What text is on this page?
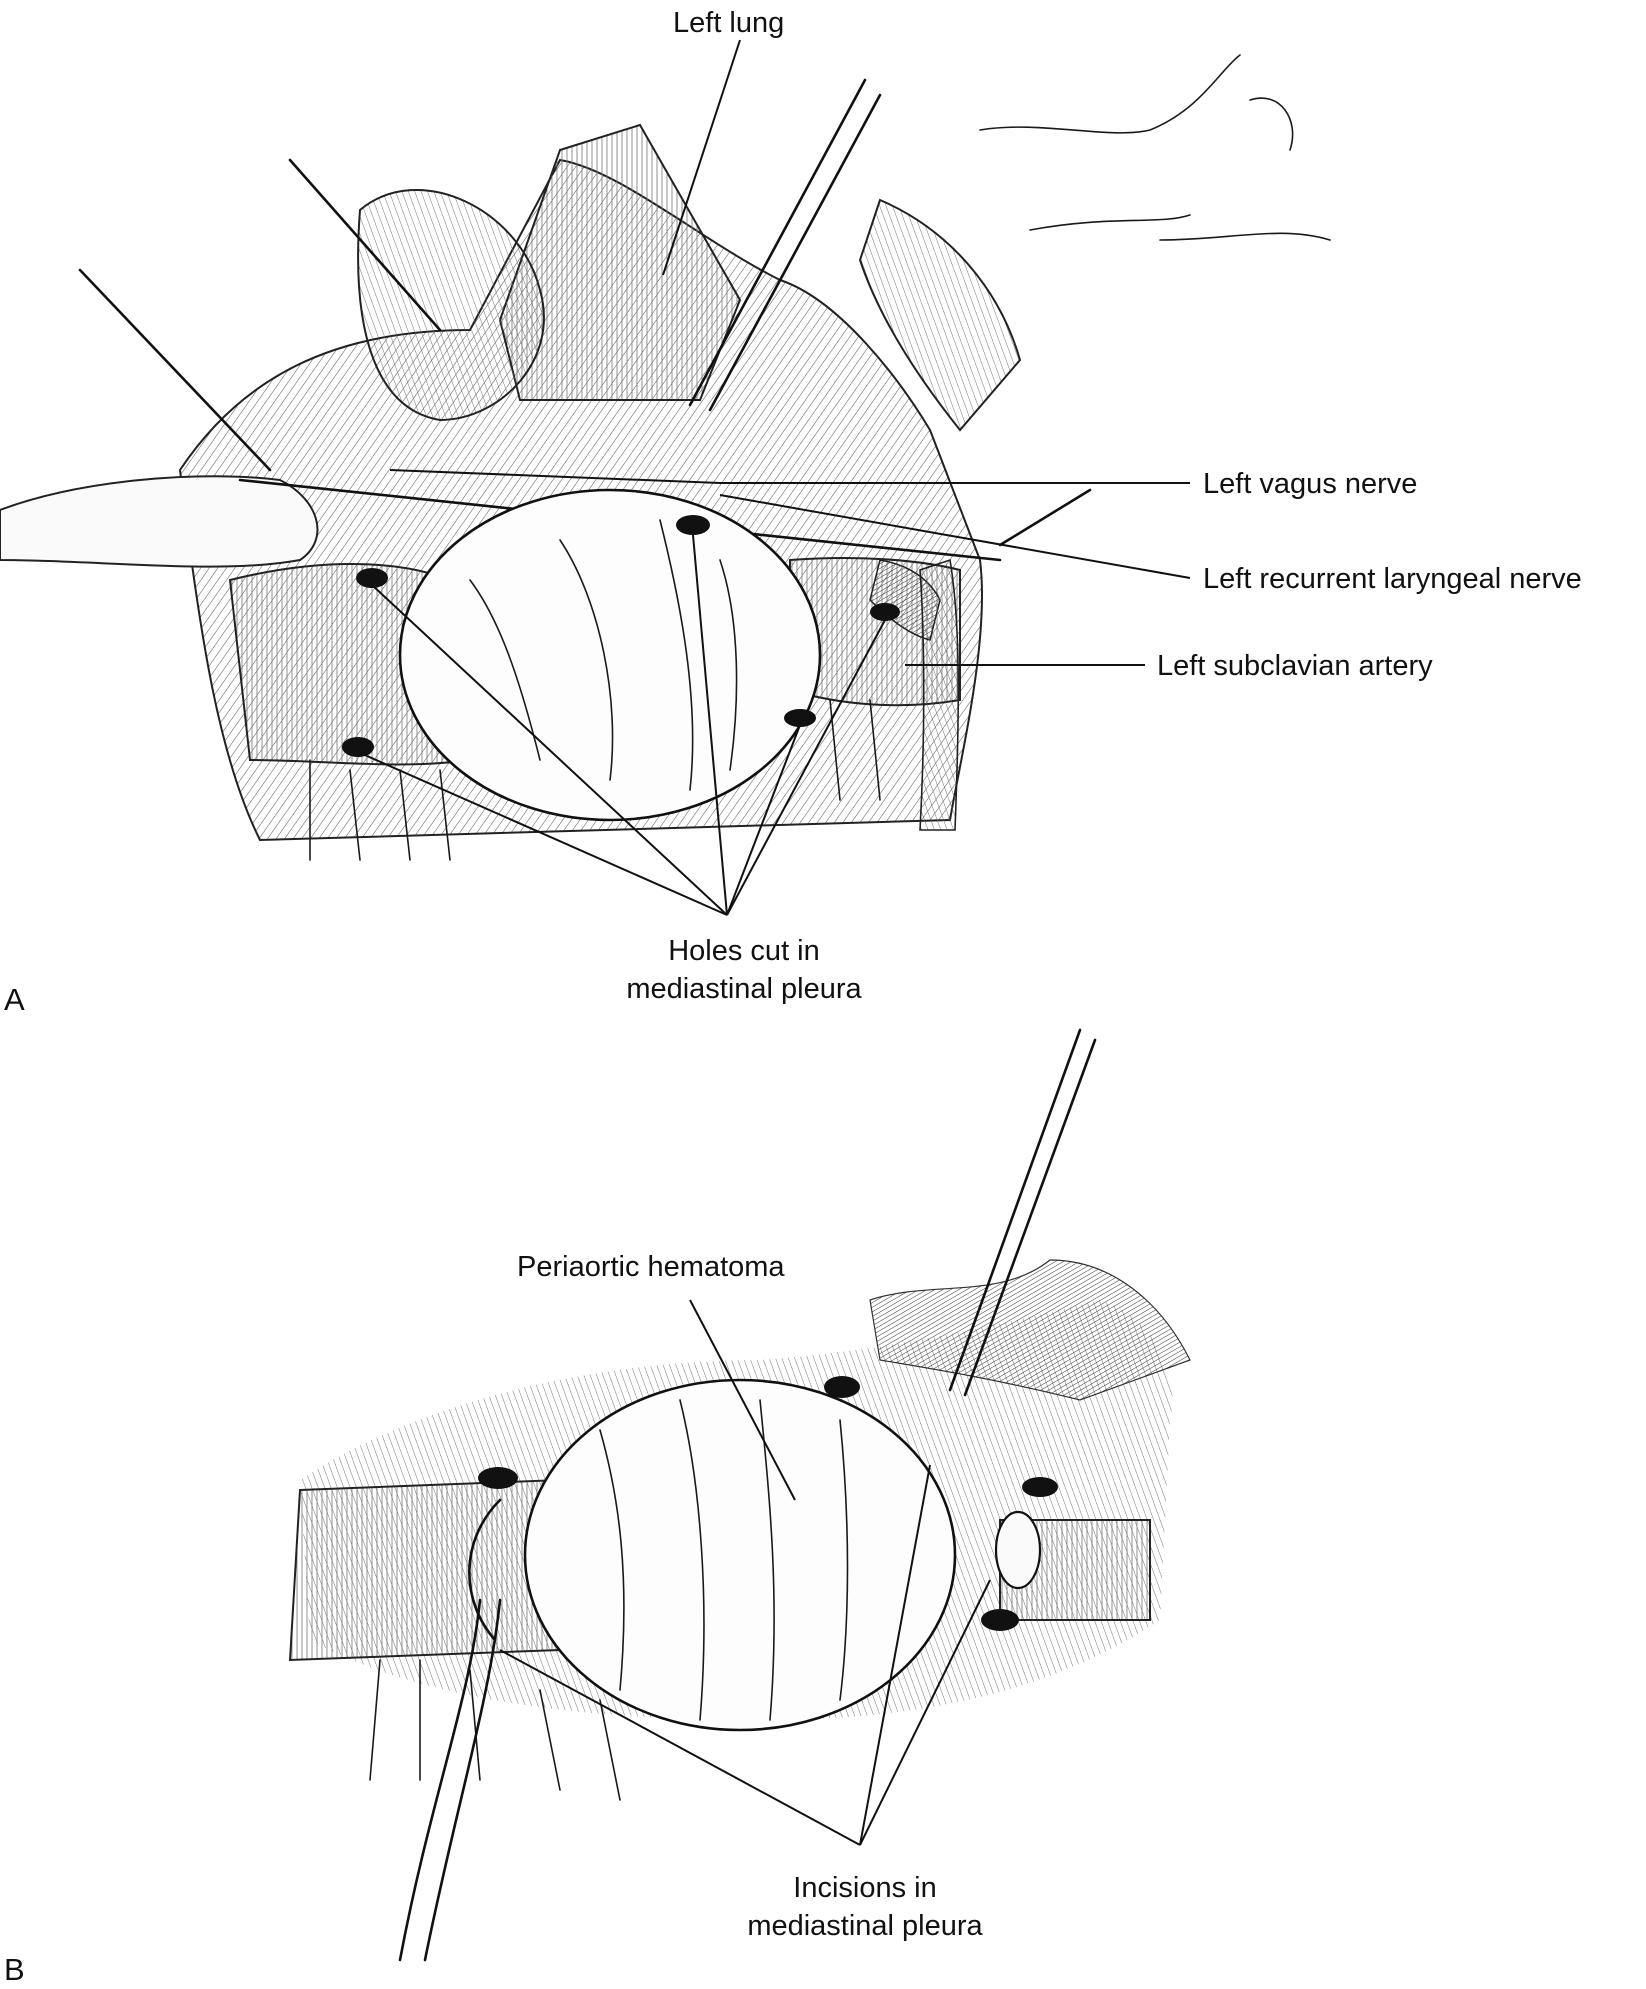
Left lung
Left vagus nerve
Left recurrent laryngeal nerve
Left subclavian artery
Holes cut in
mediastinal pleura
A
Periaortic hematoma
Incisions in
mediastinal pleura
B
